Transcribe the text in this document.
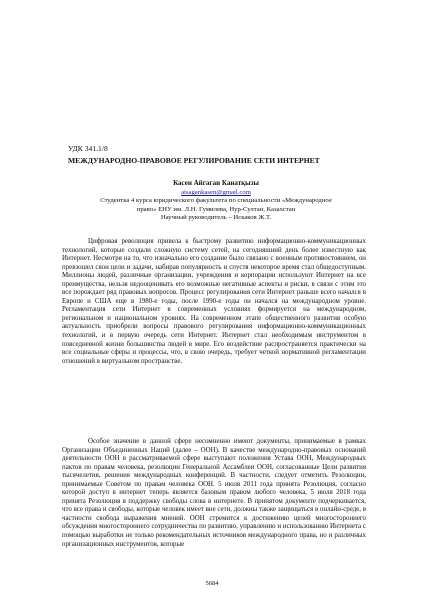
УДК 341.1/8
МЕЖДУНАРОДНО-ПРАВОВОЕ РЕГУЛИРОВАНИЕ СЕТИ ИНТЕРНЕТ
Касен Айгаган Канатқызы
aisagankasen@gmail.com
Студентка 4 курса юридического факультета по специальности «Международное
право» ЕНУ им. Л.Н. Гумилева, Нур-Султан, Казахстан
Научный руководитель – Искаков Ж.Т.

Цифровая революция привела к быстрому развитию информационно-коммуникационных технологий, которые создали сложную систему сетей, на сегодняшний день более известную как Интернет. Несмотря на то, что изначально его создание было связано с военным противостоянием, он превзошел свои цели и задачи, набирая популярность и спустя некоторое время стал общедоступным. Миллионы людей, различные организации, учреждения и корпорации используют Интернет на все преимущества, нельзя недооценивать его возможные негативные аспекты и риски, в связи с этим это все порождает ряд правовых вопросов. Процесс регулирования сети Интернет раньше всего начался в Европе и США еще в 1980-е годы, после 1990-е годы он начался на международном уровне. Регламентация сети Интернет в современных условиях формируется на международном, региональном и национальном уровнях. На современном этапе общественного развития особую актуальность приобрели вопросы правового регулирования информационно-коммуникационных технологий, и в первую очередь сети Интернет. Интернет стал необходимым инструментом в повседневной жизни большинства людей в мире. Его воздействие распространяется практически на все социальные сферы и процессы, что, в свою очередь, требует четкой нормативной регламентации отношений в виртуальном пространстве.

Особое значение в данной сфере несомненно имеют документы, принимаемые в рамках Организации Объединенных Наций (далее – ООН). В качестве международно-правовых оснований деятельности ООН в рассматриваемой сфере выступают положения Устава ООН, Международных пактов по правам человека, резолюции Генеральной Ассамблеи ООН, согласованные Цели развития тысячелетия, решения международных конференций. В частности, следует отметить Резолюции, принимаемые Советом по правам человека ООН. 5 июля 2011 года принята Резолюция, согласно которой доступ в интернет теперь является базовым правом любого человека, 5 июля 2018 года принята Резолюция в поддержку свободы слова в интернете. В принятом документе подчеркивается, что все права и свободы, которые человек имеет вне сети, должны также защищаться в онлайн-среде, в частности свобода выражения мнений. ООН стремится к достижению целей многостороннего обсуждения многостороннего сотрудничества по развитию, управлению и использованию Интернета с помощью выработки не только рекомендательных источников международного права, но и различных организационных инструментов, которые

5684
